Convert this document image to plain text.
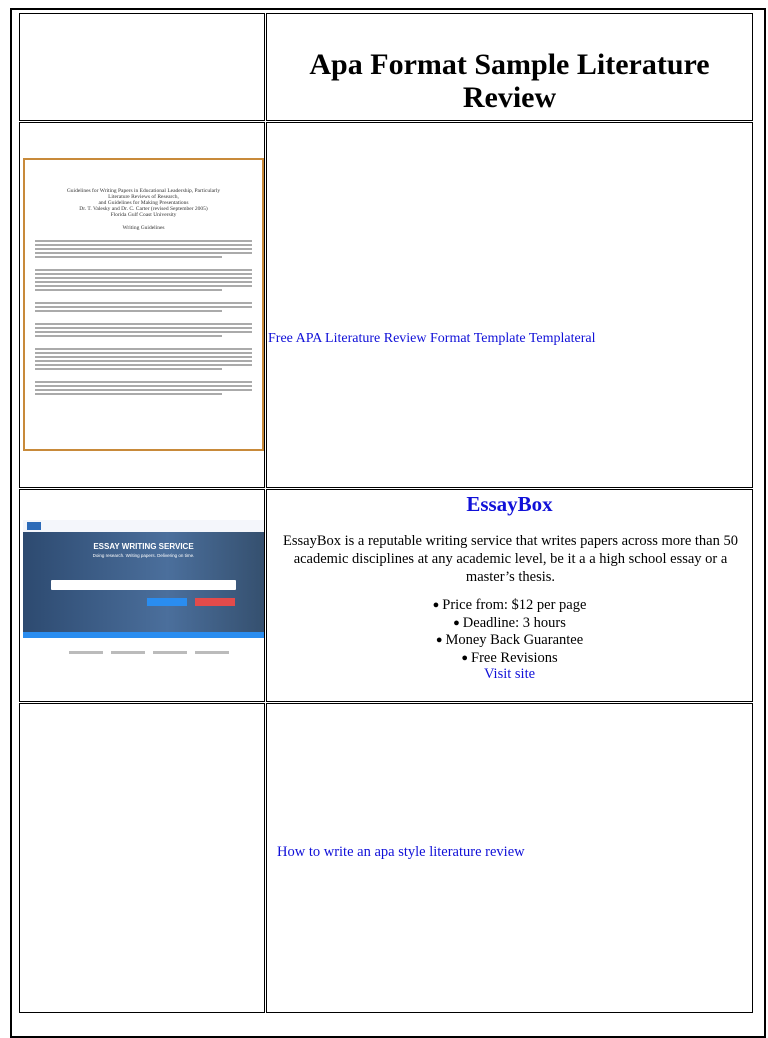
Apa Format Sample Literature Review
Guidelines for Writing Papers in Educational Leadership, Particularly
Literature Reviews of Research,
and Guidelines for Making Presentations
Dr. T. Valesky and Dr. C. Carter (revised September 2005)
Florida Gulf Coast University
Writing Guidelines
Free APA Literature Review Format Template Templateral
ESSAY WRITING SERVICE
Doing research. Writing papers. Delivering on time.
EssayBox
EssayBox is a reputable writing service that writes papers across more than 50
academic disciplines at any academic level, be it a a high school essay or a
master’s thesis.
● Price from: $12 per page
● Deadline: 3 hours
● Money Back Guarantee
● Free Revisions
Visit site
How to write an apa style literature review
